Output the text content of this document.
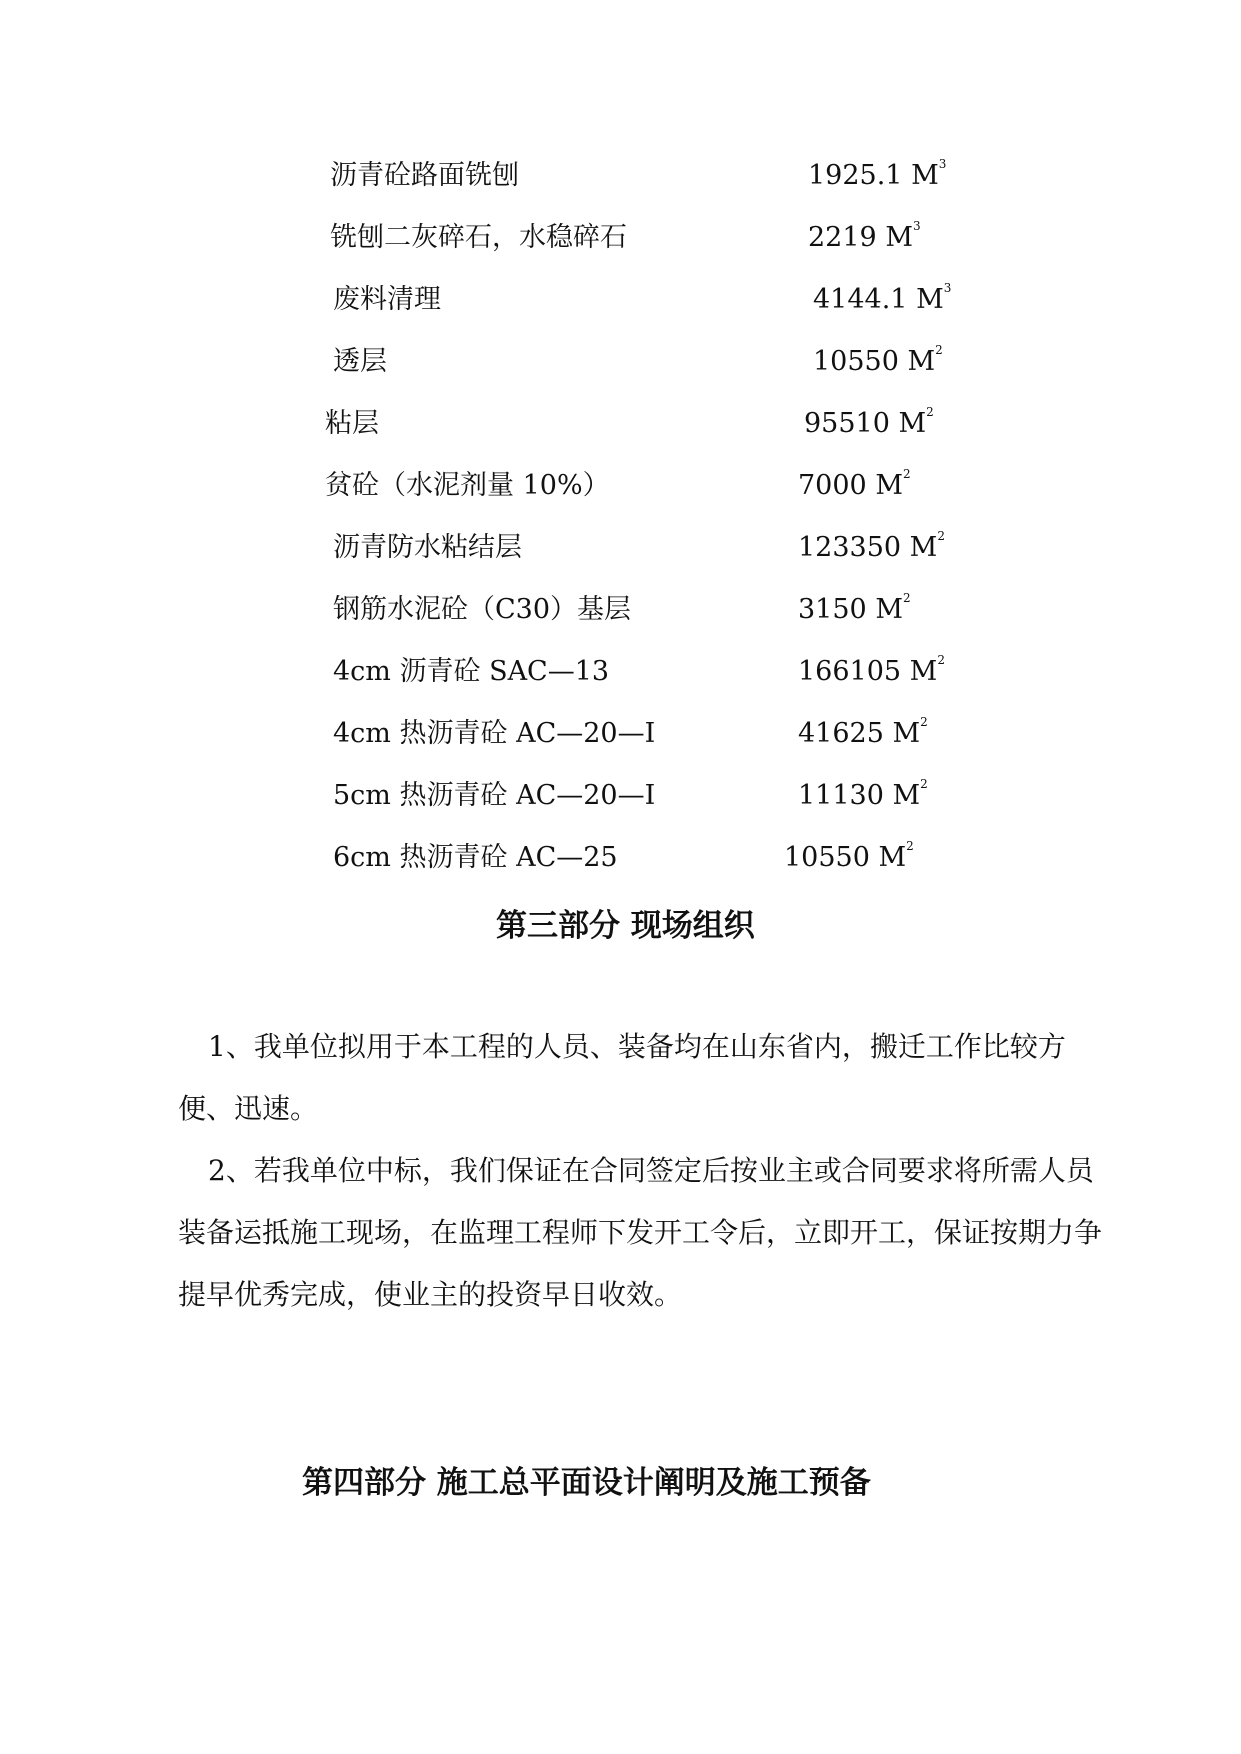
沥青砼路面铣刨	1925.1 $M^3$
铣刨二灰碎石，水稳碎石	2219 $M^3$
废料清理	4144.1 $M^3$
透层	10550 $M^2$
粘层	95510 $M^2$
贫砼（水泥剂量 10%）	7000 $M^2$
沥青防水粘结层	123350 $M^2$
钢筋水泥砼（C30）基层	3150 $M^2$
4cm 沥青砼 SAC—13	166105 $M^2$
4cm 热沥青砼 AC—20—I	41625 $M^2$
5cm 热沥青砼 AC—20—I	11130 $M^2$
6cm 热沥青砼 AC—25	10550 $M^2$
第三部分 现场组织

1、我单位拟用于本工程的人员、装备均在山东省内，搬迁工作比较方便、迅速。

2、若我单位中标，我们保证在合同签定后按业主或合同要求将所需人员装备运抵施工现场，在监理工程师下发开工令后，立即开工，保证按期力争提早优秀完成，使业主的投资早日收效。

第四部分 施工总平面设计阐明及施工预备
